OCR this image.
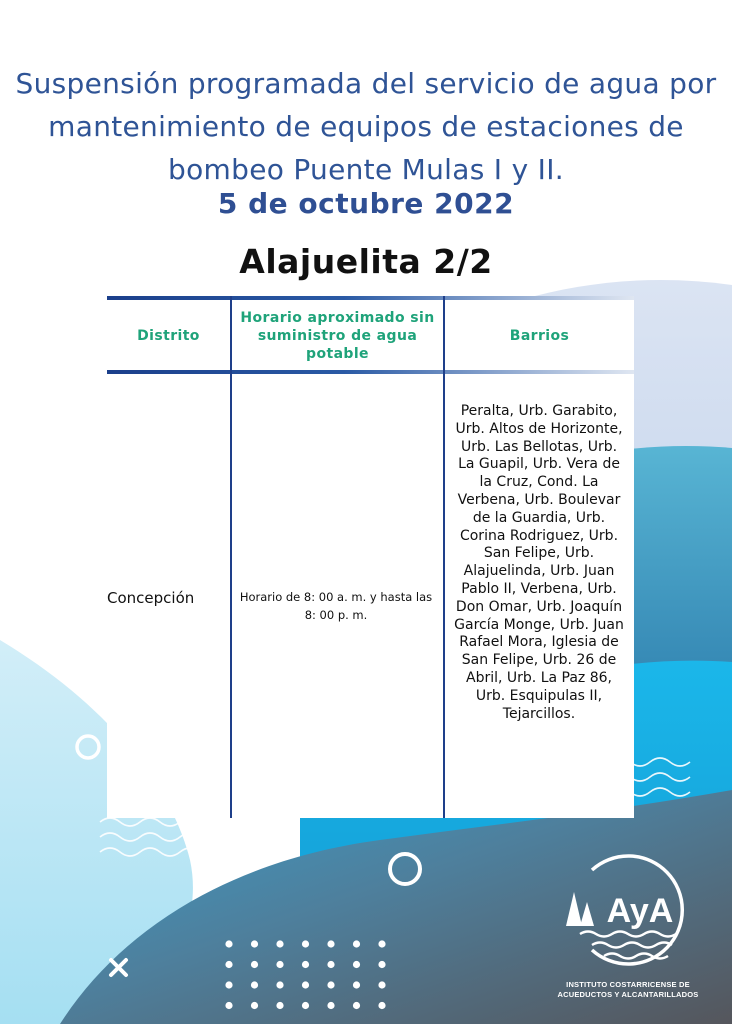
AyA
Suspensión programada del servicio de agua por mantenimiento de equipos de estaciones de bombeo Puente Mulas I y II.
5 de octubre 2022
Alajuelita 2/2
Distrito
Horario aproximado sin suministro de agua potable
Barrios
Concepción	Horario de 8: 00 a. m. y hasta las 8: 00 p. m.
Peralta, Urb. Garabito, Urb. Altos de Horizonte, Urb. Las Bellotas, Urb. La Guapil, Urb. Vera de la Cruz, Cond. La Verbena, Urb. Boulevar de la Guardia, Urb. Corina Rodriguez, Urb. San Felipe, Urb. Alajuelinda, Urb. Juan Pablo II, Verbena, Urb. Don Omar, Urb. Joaquín García Monge, Urb. Juan Rafael Mora, Iglesia de San Felipe, Urb. 26 de Abril, Urb. La Paz 86, Urb. Esquipulas II, Tejarcillos.
INSTITUTO COSTARRICENSE DE ACUEDUCTOS Y ALCANTARILLADOS
